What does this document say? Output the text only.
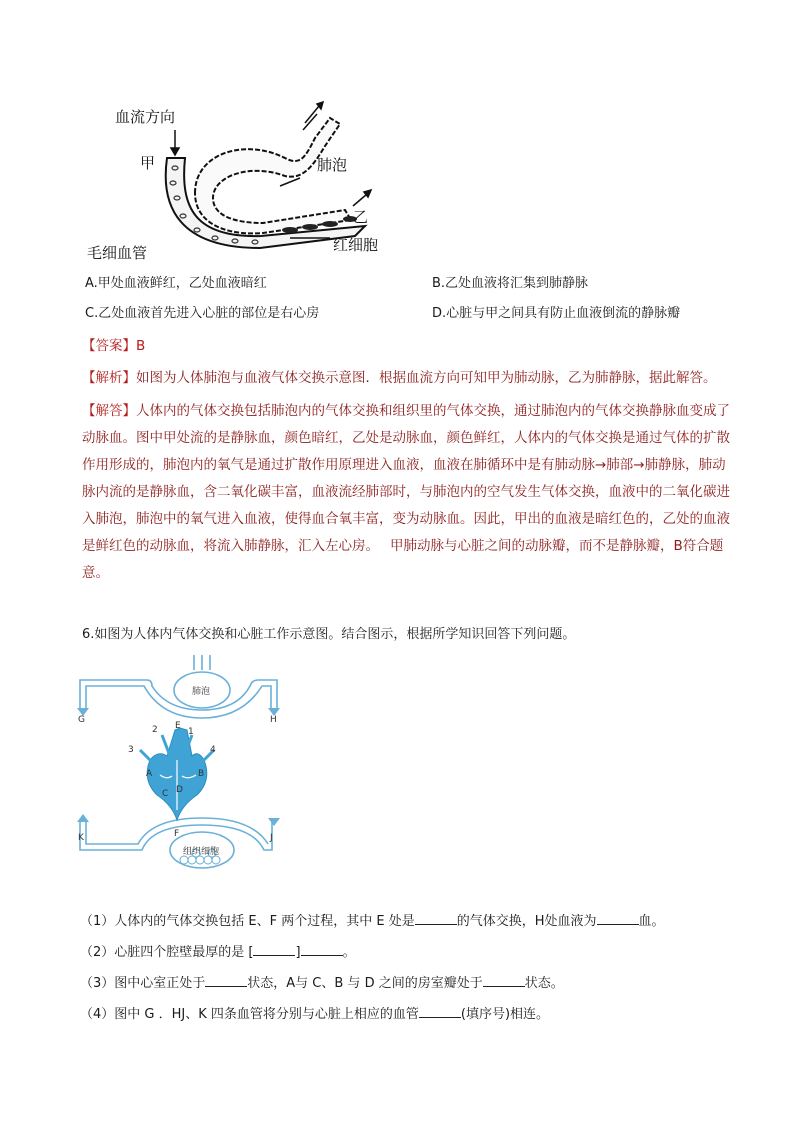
血流方向
甲	肺泡
乙
红细胞
毛细血管
A.甲处血液鲜红，乙处血液暗红	B.乙处血液将汇集到肺静脉
C.乙处血液首先进入心脏的部位是右心房	D.心脏与甲之间具有防止血液倒流的静脉瓣
【答案】B
【解析】如图为人体肺泡与血液气体交换示意图．根据血流方向可知甲为肺动脉，乙为肺静脉，据此解答。
【解答】人体内的气体交换包括肺泡内的气体交换和组织里的气体交换，通过肺泡内的气体交换静脉血变成了动脉血。图中甲处流的是静脉血，颜色暗红，乙处是动脉血，颜色鲜红，人体内的气体交换是通过气体的扩散作用形成的，肺泡内的氧气是通过扩散作用原理进入血液，血液在肺循环中是有肺动脉→肺部→肺静脉，肺动脉内流的是静脉血，含二氧化碳丰富，血液流经肺部时，与肺泡内的空气发生气体交换，血液中的二氧化碳进入肺泡，肺泡中的氧气进入血液，使得血合氧丰富，变为动脉血。因此，甲出的血液是暗红色的，乙处的血液是鲜红色的动脉血，将流入肺静脉，汇入左心房。　 甲肺动脉与心脏之间的动脉瓣，而不是静脉瓣，B符合题意。
6.如图为人体内气体交换和心脏工作示意图。结合图示，根据所学知识回答下列问题。
肺泡
组织细胞
G	H
E
F
K	J
2	1
3	4
A	B
C D
（1）人体内的气体交换包括 E、F 两个过程，其中 E 处是	的气体交换，H处血液为	血。
（2）心脏四个腔壁最厚的是 [	]	。
（3）图中心室正处于	状态，A与 C、B 与 D 之间的房室瓣处于	状态。
（4）图中 G ．HJ、K 四条血管将分别与心脏上相应的血管	(填序号)相连。
